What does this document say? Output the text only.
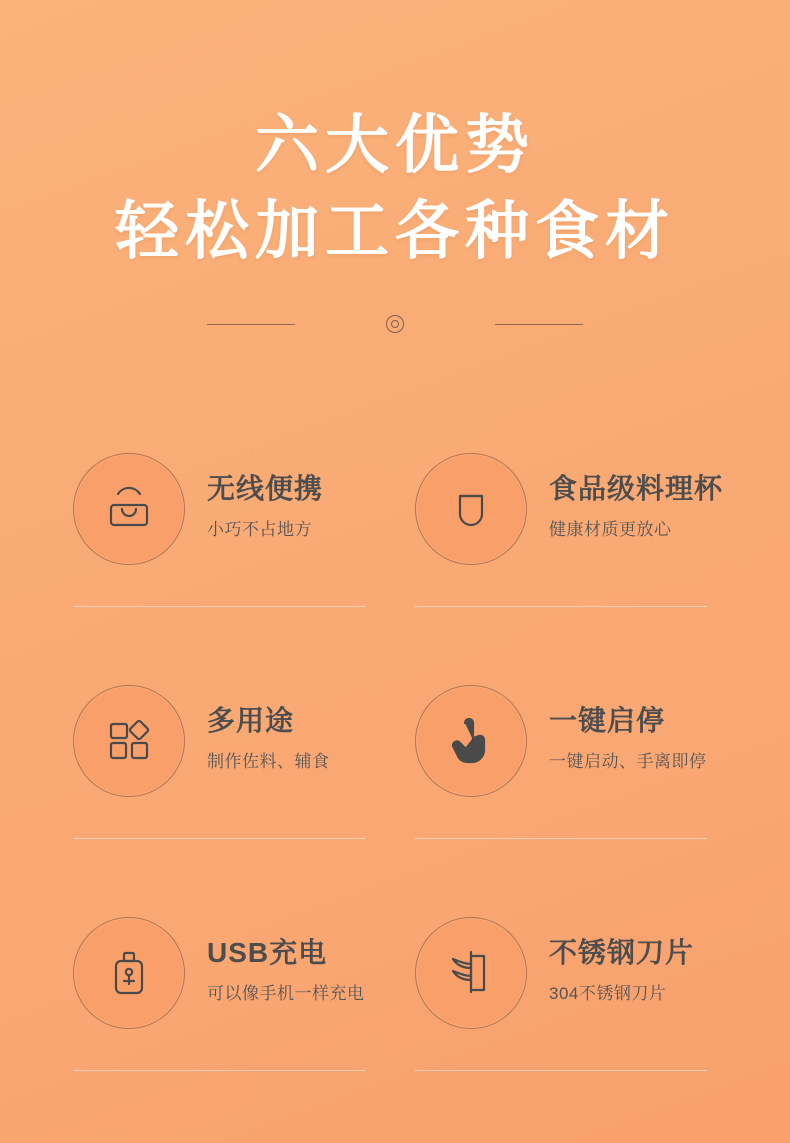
六大优势
轻松加工各种食材
无线便携
小巧不占地方
食品级料理杯
健康材质更放心
多用途
制作佐料、辅食
一键启停
一键启动、手离即停
USB充电
可以像手机一样充电
不锈钢刀片
304不锈钢刀片
